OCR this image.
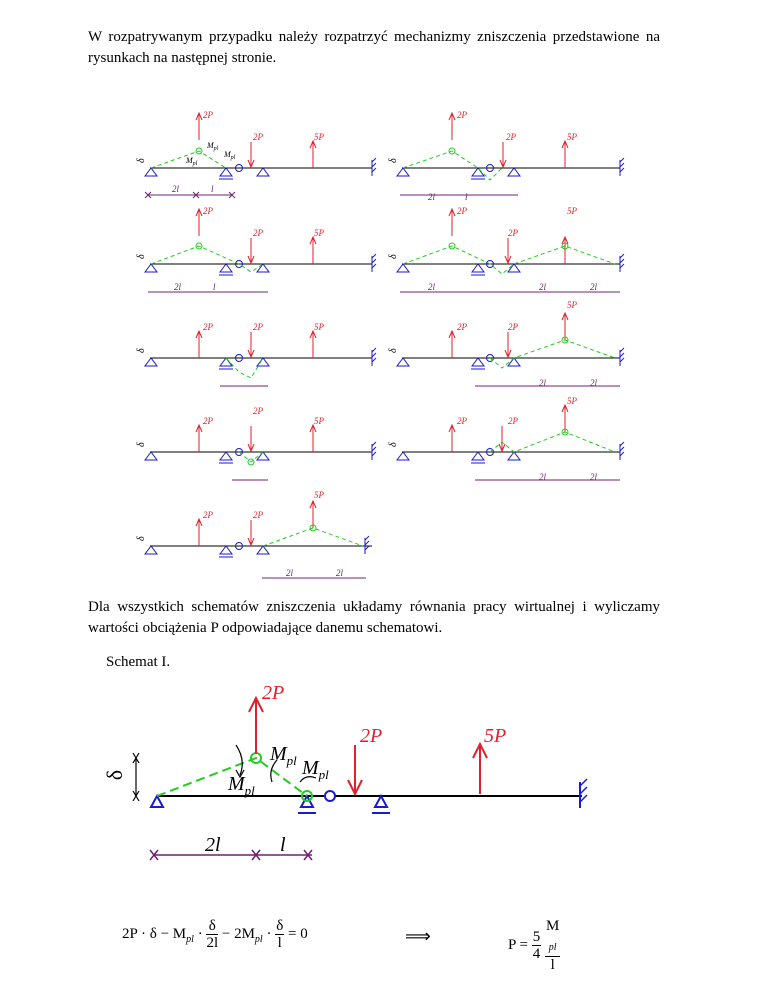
W rozpatrywanym przypadku należy rozpatrzyć mechanizmy zniszczenia przedstawione na rysunkach na następnej stronie.

2l	l
2P
2P	5P
$M_{pl}$
$M_{pl}$
$M_{pl}$
δ
2l	l
2P
2P	5P
δ
2l	l
2P
2P	5P
δ
2l	2l	2l
2P
2P
5P
δ
2P	2P	5P
δ
2l	2l
2P	2P
5P
δ
2P
2P
5P
δ
2l	2l
2P	2P
5P
δ
2l	2l
2P	2P
5P
δ
2P
2P	5P
$M_{pl}$
$M_{pl}$
$M_{pl}$
δ
2l	l

Dla wszystkich schematów zniszczenia układamy równania pracy wirtualnej i wyliczamy wartości obciążenia P odpowiadające danemu schematowi.

Schemat I.
$2P \cdot \delta - M_{pl} \cdot \frac{\delta}{2l} - 2M_{pl} \cdot \frac{\delta}{l} = 0$	⟹	$P = \frac{5}{4}$
M
$_{pl}$
l
